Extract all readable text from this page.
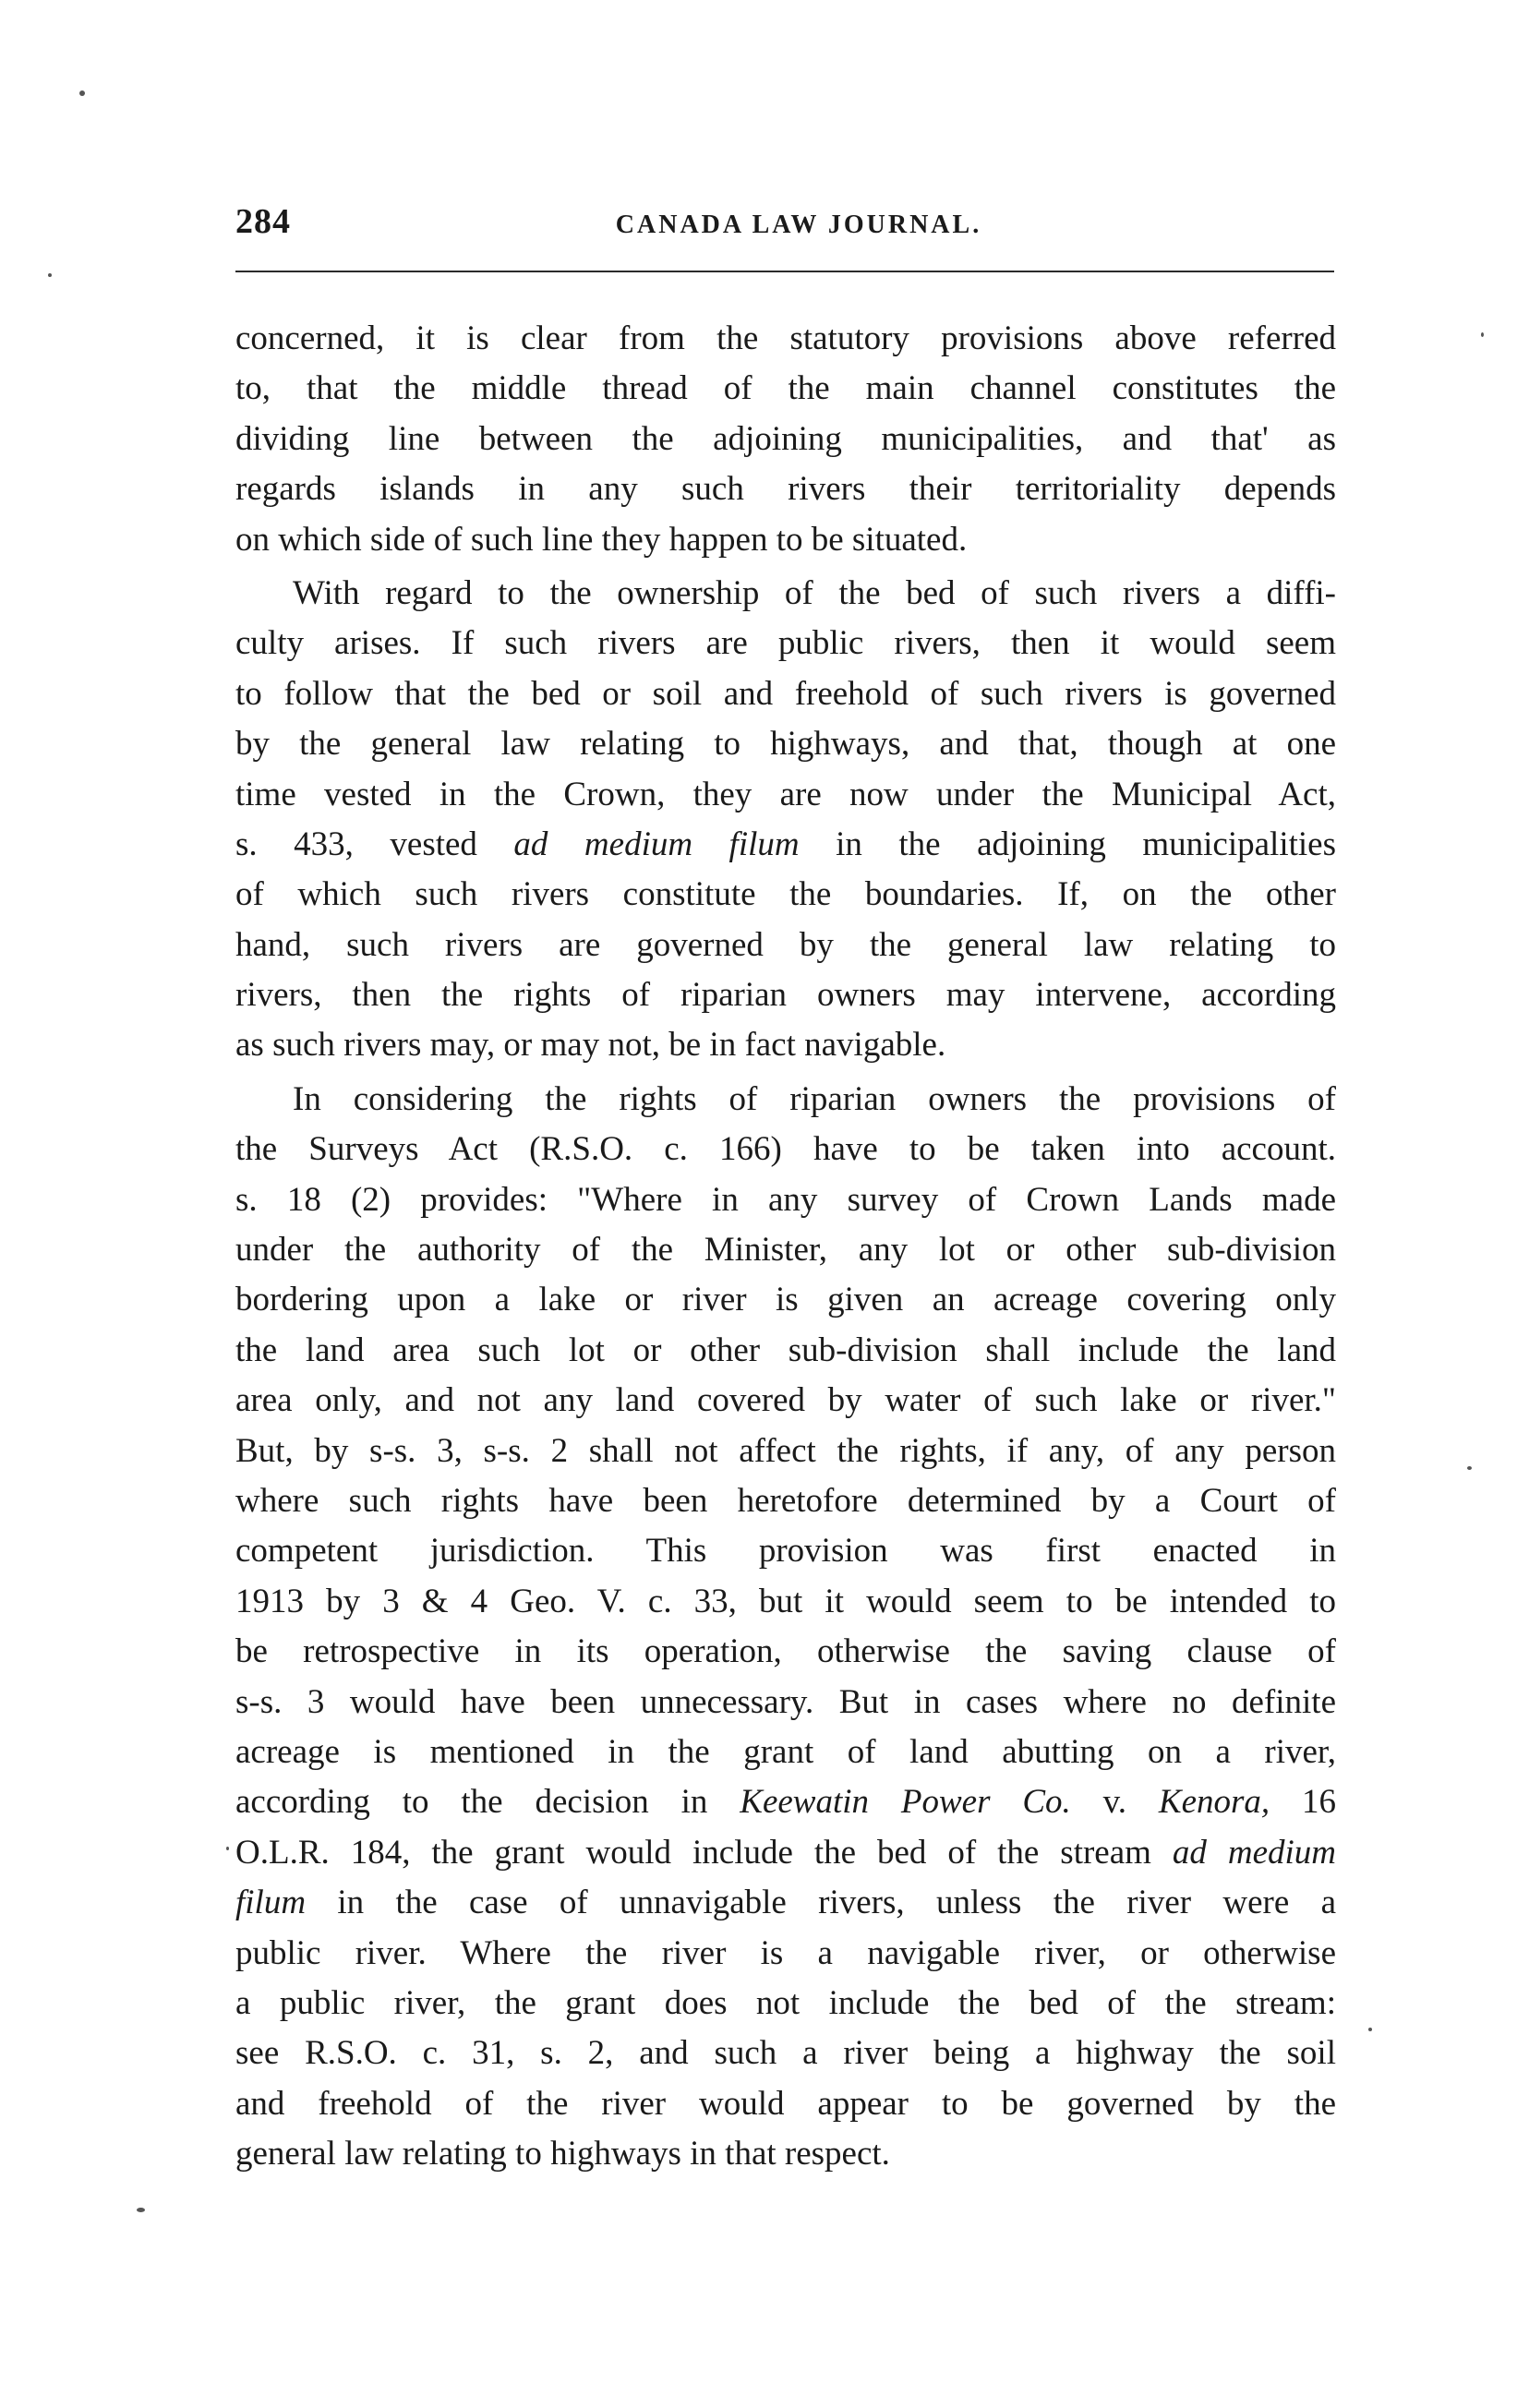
284	CANADA LAW JOURNAL.
concerned, it is clear from the statutory provisions above referred
to, that the middle thread of the main channel constitutes the
dividing line between the adjoining municipalities, and that' as
regards islands in any such rivers their territoriality depends
on which side of such line they happen to be situated.
With regard to the ownership of the bed of such rivers a diffi-
culty arises. If such rivers are public rivers, then it would seem
to follow that the bed or soil and freehold of such rivers is governed
by the general law relating to highways, and that, though at one
time vested in the Crown, they are now under the Municipal Act,
s. 433, vested ad medium filum in the adjoining municipalities
of which such rivers constitute the boundaries. If, on the other
hand, such rivers are governed by the general law relating to
rivers, then the rights of riparian owners may intervene, according
as such rivers may, or may not, be in fact navigable.
In considering the rights of riparian owners the provisions of
the Surveys Act (R.S.O. c. 166) have to be taken into account.
s. 18 (2) provides: "Where in any survey of Crown Lands made
under the authority of the Minister, any lot or other sub-division
bordering upon a lake or river is given an acreage covering only
the land area such lot or other sub-division shall include the land
area only, and not any land covered by water of such lake or river."
But, by s-s. 3, s-s. 2 shall not affect the rights, if any, of any person
where such rights have been heretofore determined by a Court of
competent jurisdiction. This provision was first enacted in
1913 by 3 & 4 Geo. V. c. 33, but it would seem to be intended to
be retrospective in its operation, otherwise the saving clause of
s-s. 3 would have been unnecessary. But in cases where no definite
acreage is mentioned in the grant of land abutting on a river,
according to the decision in Keewatin Power Co. v. Kenora, 16
O.L.R. 184, the grant would include the bed of the stream ad medium
filum in the case of unnavigable rivers, unless the river were a
public river. Where the river is a navigable river, or otherwise
a public river, the grant does not include the bed of the stream:
see R.S.O. c. 31, s. 2, and such a river being a highway the soil
and freehold of the river would appear to be governed by the
general law relating to highways in that respect.
